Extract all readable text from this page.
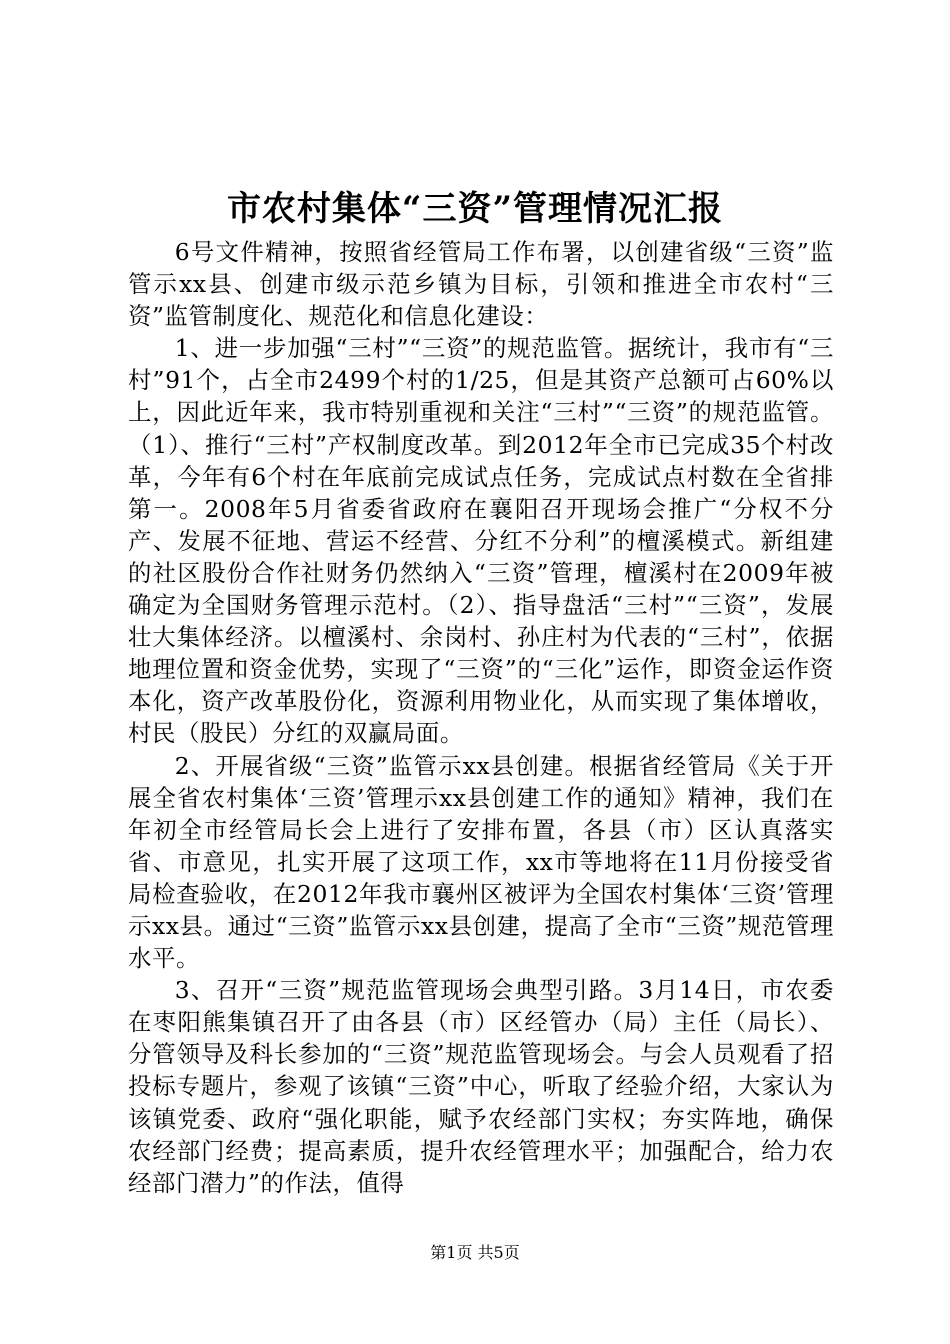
市农村集体“三资”管理情况汇报

6号文件精神，按照省经管局工作布署，以创建省级“三资”监管示xx县、创建市级示范乡镇为目标，引领和推进全市农村“三资”监管制度化、规范化和信息化建设：

1、进一步加强“三村”“三资”的规范监管。据统计，我市有“三村”91个，占全市2499个村的1/25，但是其资产总额可占60%以上，因此近年来，我市特别重视和关注“三村”“三资”的规范监管。（1）、推行“三村”产权制度改革。到2012年全市已完成35个村改革，今年有6个村在年底前完成试点任务，完成试点村数在全省排第一。2008年5月省委省政府在襄阳召开现场会推广“分权不分产、发展不征地、营运不经营、分红不分利”的檀溪模式。新组建的社区股份合作社财务仍然纳入“三资”管理，檀溪村在2009年被确定为全国财务管理示范村。（2）、指导盘活“三村”“三资”，发展壮大集体经济。以檀溪村、余岗村、孙庄村为代表的“三村”，依据地理位置和资金优势，实现了“三资”的“三化”运作，即资金运作资本化，资产改革股份化，资源利用物业化，从而实现了集体增收，村民（股民）分红的双赢局面。

2、开展省级“三资”监管示xx县创建。根据省经管局《关于开展全省农村集体‘三资’管理示xx县创建工作的通知》精神，我们在年初全市经管局长会上进行了安排布置，各县（市）区认真落实省、市意见，扎实开展了这项工作，xx市等地将在11月份接受省局检查验收，在2012年我市襄州区被评为全国农村集体‘三资’管理示xx县。通过“三资”监管示xx县创建，提高了全市“三资”规范管理水平。

3、召开“三资”规范监管现场会典型引路。3月14日，市农委在枣阳熊集镇召开了由各县（市）区经管办（局）主任（局长）、分管领导及科长参加的“三资”规范监管现场会。与会人员观看了招投标专题片，参观了该镇“三资”中心，听取了经验介绍，大家认为该镇党委、政府“强化职能，赋予农经部门实权；夯实阵地，确保农经部门经费；提高素质，提升农经管理水平；加强配合，给力农经部门潜力”的作法，值得

第1页 共5页
